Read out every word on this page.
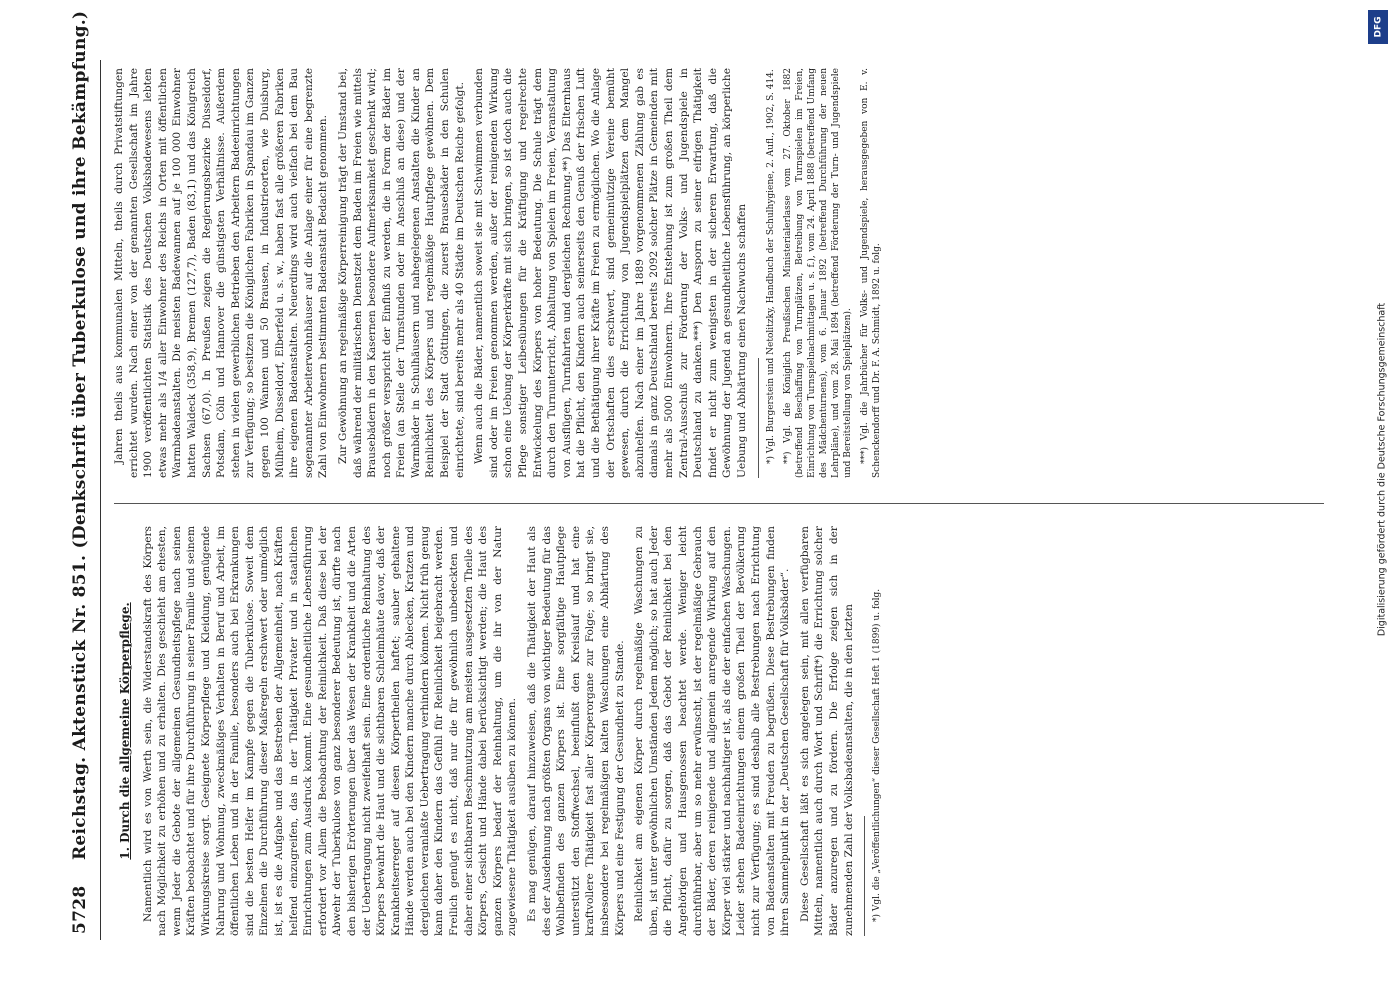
5728
Reichstag. Aktenstück Nr. 851. (Denkschrift über Tuberkulose und ihre Bekämpfung.) 1. Durch die allgemeine Körperpflege. Namentlich wird es von Werth sein, die Widerstandskraft des Körpers nach Möglichkeit zu erhöhen und zu erhalten. Dies geschieht am ehesten, wenn Jeder die Gebote der allgemeinen Gesundheitspflege nach seinen Kräften beobachtet und für ihre Durchführung in seiner Familie und seinem Wirkungskreise sorgt. Geeignete Körperpflege und Kleidung, genügende Nahrung und Wohnung, zweckmäßiges Verhalten in Beruf und Arbeit, im öffentlichen Leben und in der Familie, besonders auch bei Erkrankungen sind die besten Helfer im Kampfe gegen die Tuberkulose. Soweit dem Einzelnen die Durchführung dieser Maßregeln erschwert oder unmöglich ist, ist es die Aufgabe und das Bestreben der Allgemeinheit, nach Kräften helfend einzugreifen, das in der Thätigkeit Privater und in staatlichen Einrichtungen zum Ausdruck kommt. Eine gesundheitliche Lebensführung erfordert vor Allem die Beobachtung der Reinlichkeit. Daß diese bei der Abwehr der Tuberkulose von ganz besonderer Bedeutung ist, dürfte nach den bisherigen Erörterungen über das Wesen der Krankheit und die Arten der Uebertragung nicht zweifelhaft sein. Eine ordentliche Reinhaltung des Körpers bewahrt die Haut und die sichtbaren Schleimhäute davor, daß der Krankheitserreger auf diesen Körpertheilen haftet; sauber gehaltene Hände werden auch bei den Kindern manche durch Ablecken, Kratzen und dergleichen veranlaßte Uebertragung verhindern können. Nicht früh genug kann daher den Kindern das Gefühl für Reinlichkeit beigebracht werden. Freilich genügt es nicht, daß nur die für gewöhnlich unbedeckten und daher einer sichtbaren Beschmutzung am meisten ausgesetzten Theile des Körpers, Gesicht und Hände dabei berücksichtigt werden; die Haut des ganzen Körpers bedarf der Reinhaltung, um die ihr von der Natur zugewiesene Thätigkeit ausüben zu können. Es mag genügen, darauf hinzuweisen, daß die Thätigkeit der Haut als des der Ausdehnung nach größten Organs von wichtiger Bedeutung für das Wohlbefinden des ganzen Körpers ist. Eine sorgfältige Hautpflege unterstützt den Stoffwechsel, beeinflußt den Kreislauf und hat eine kraftvollere Thätigkeit fast aller Körperorgane zur Folge; so bringt sie, insbesondere bei regelmäßigen kalten Waschungen eine Abhärtung des Körpers und eine Festigung der Gesundheit zu Stande. Reinlichkeit am eigenen Körper durch regelmäßige Waschungen zu üben, ist unter gewöhnlichen Umständen Jedem möglich; so hat auch Jeder die Pflicht, dafür zu sorgen, daß das Gebot der Reinlichkeit bei den Angehörigen und Hausgenossen beachtet werde. Weniger leicht durchführbar, aber um so mehr erwünscht, ist der regelmäßige Gebrauch der Bäder, deren reinigende und allgemein anregende Wirkung auf den Körper viel stärker und nachhaltiger ist, als die der einfachen Waschungen. Leider stehen Badeeinrichtungen einem großen Theil der Bevölkerung nicht zur Verfügung; es sind deshalb alle Bestrebungen nach Errichtung von Badeanstalten mit Freuden zu begrüßen. Diese Bestrebungen finden ihren Sammelpunkt in der „Deutschen Gesellschaft für Volksbäder“. Diese Gesellschaft läßt es sich angelegen sein, mit allen verfügbaren Mitteln, namentlich auch durch Wort und Schrift*) die Errichtung solcher Bäder anzuregen und zu fördern. Die Erfolge zeigen sich in der zunehmenden Zahl der Volksbadeanstalten, die in den letzten *) Vgl. die „Veröffentlichungen“ dieser Gesellschaft Heft 1 (1899) u. folg.

Jahren theils aus kommunalen Mitteln, theils durch Privatstiftungen errichtet wurden. Nach einer von der genannten Gesellschaft im Jahre 1900 veröffentlichten Statistik des Deutschen Volksbadewesens lebten etwas mehr als 1/4 aller Einwohner des Reichs in Orten mit öffentlichen Warmbadeanstalten. Die meisten Badewannen auf je 100 000 Einwohner hatten Waldeck (358,9), Bremen (127,7), Baden (83,1) und das Königreich Sachsen (67,0). In Preußen zeigen die Regierungsbezirke Düsseldorf, Potsdam, Cöln und Hannover die günstigsten Verhältnisse. Außerdem stehen in vielen gewerblichen Betrieben den Arbeitern Badeeinrichtungen zur Verfügung; so besitzen die Königlichen Fabriken in Spandau im Ganzen gegen 100 Wannen und 50 Brausen, in Industrieorten, wie Duisburg, Mülheim, Düsseldorf, Elberfeld u. s. w., haben fast alle größeren Fabriken ihre eigenen Badeanstalten. Neuerdings wird auch vielfach bei dem Bau sogenannter Arbeiterwohnhäuser auf die Anlage einer für eine begrenzte Zahl von Einwohnern bestimmten Badeanstalt Bedacht genommen. Zur Gewöhnung an regelmäßige Körperreinigung trägt der Umstand bei, daß während der militärischen Dienstzeit dem Baden im Freien wie mittels Brausebädern in den Kasernen besondere Aufmerksamkeit geschenkt wird; noch größer verspricht der Einfluß zu werden, die in Form der Bäder im Freien (an Stelle der Turnstunden oder im Anschluß an diese) und der Warmbäder in Schulhäusern und nahegelegenen Anstalten die Kinder an Reinlichkeit des Körpers und regelmäßige Hautpflege gewöhnen. Dem Beispiel der Stadt Göttingen, die zuerst Brausebäder in den Schulen einrichtete, sind bereits mehr als 40 Städte im Deutschen Reiche gefolgt. Wenn auch die Bäder, namentlich soweit sie mit Schwimmen verbunden sind oder im Freien genommen werden, außer der reinigenden Wirkung schon eine Uebung der Körperkräfte mit sich bringen, so ist doch auch die Pflege sonstiger Leibesübungen für die Kräftigung und regelrechte Entwickelung des Körpers von hoher Bedeutung. Die Schule trägt dem durch den Turnunterricht, Abhaltung von Spielen im Freien, Veranstaltung von Ausflügen, Turnfahrten und dergleichen Rechnung.**) Das Elternhaus hat die Pflicht, den Kindern auch seinerseits den Genuß der frischen Luft und die Bethätigung ihrer Kräfte im Freien zu ermöglichen. Wo die Anlage der Ortschaften dies erschwert, sind gemeinnützige Vereine bemüht gewesen, durch die Errichtung von Jugendspielplätzen dem Mangel abzuhelfen. Nach einer im Jahre 1889 vorgenommenen Zählung gab es damals in ganz Deutschland bereits 2092 solcher Plätze in Gemeinden mit mehr als 5000 Einwohnern. Ihre Entstehung ist zum großen Theil dem Zentral-Ausschuß zur Förderung der Volks- und Jugendspiele in Deutschland zu danken.***) Den Ansporn zu seiner eifrigen Thätigkeit findet er nicht zum wenigsten in der sicheren Erwartung, daß die Gewöhnung der Jugend an gesundheitliche Lebensführung, an körperliche Uebung und Abhärtung einen Nachwuchs schaffen *) Vgl. Burgerstein und Netolitzky, Handbuch der Schulhygiene, 2. Aufl., 1902, S. 414. **) Vgl. die Königlich Preußischen Ministerialerlasse vom 27. Oktober 1882 (betreffend Beschaffung von Turnplätzen, Betreibung von Turnspielen im Freien, Einrichtung von Turnspielnachmittagen u. s. f.), vom 24. April 1888 (betreffend Umfang des Mädchenturnens), vom 6. Januar 1892 (betreffend Durchführung der neuen Lehrpläne), und vom 28. Mai 1894 (betreffend Förderung der Turn- und Jugendspiele und Bereitstellung von Spielplätzen). ***) Vgl. die Jahrbücher für Volks- und Jugendspiele, herausgegeben von E. v. Schenckendorff und Dr. F. A. Schmidt, 1892 u. folg.

DFG
Digitalisierung gefördert durch die Deutsche Forschungsgemeinschaft
